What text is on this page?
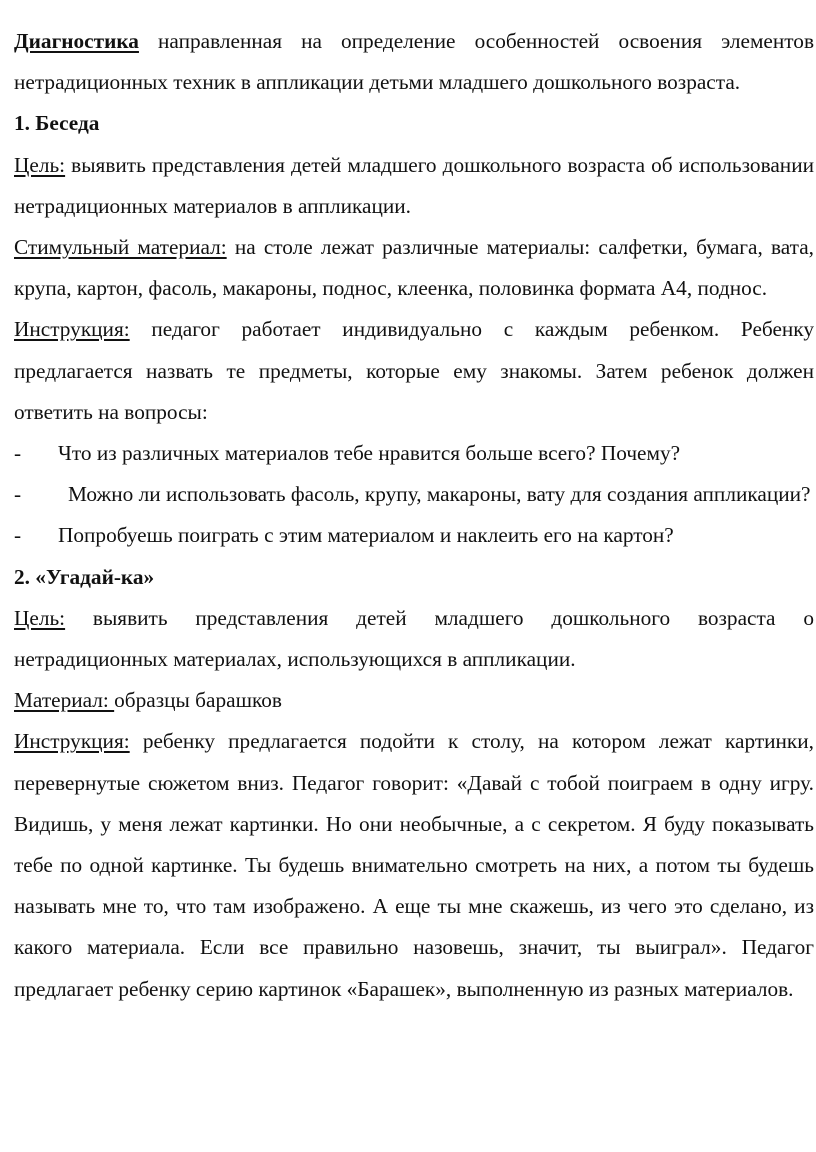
Диагностика направленная на определение особенностей освоения элементов нетрадиционных техник в аппликации детьми младшего дошкольного возраста.

1. Беседа

Цель: выявить представления детей младшего дошкольного возраста об использовании нетрадиционных материалов в аппликации.

Стимульный материал: на столе лежат различные материалы: салфетки, бумага, вата, крупа, картон, фасоль, макароны, поднос, клеенка, половинка формата А4, поднос.

Инструкция: педагог работает индивидуально с каждым ребенком. Ребенку предлагается назвать те предметы, которые ему знакомы. Затем ребенок должен ответить на вопросы:

- Что из различных материалов тебе нравится больше всего? Почему?

- Можно ли использовать фасоль, крупу, макароны, вату для создания аппликации?

- Попробуешь поиграть с этим материалом и наклеить его на картон?

2. «Угадай-ка»

Цель: выявить представления детей младшего дошкольного возраста о нетрадиционных материалах, использующихся в аппликации.

Материал: образцы барашков

Инструкция: ребенку предлагается подойти к столу, на котором лежат картинки, перевернутые сюжетом вниз. Педагог говорит: «Давай с тобой поиграем в одну игру. Видишь, у меня лежат картинки. Но они необычные, а с секретом. Я буду показывать тебе по одной картинке. Ты будешь внимательно смотреть на них, а потом ты будешь называть мне то, что там изображено. А еще ты мне скажешь, из чего это сделано, из какого материала. Если все правильно назовешь, значит, ты выиграл». Педагог предлагает ребенку серию картинок «Барашек», выполненную из разных материалов.
